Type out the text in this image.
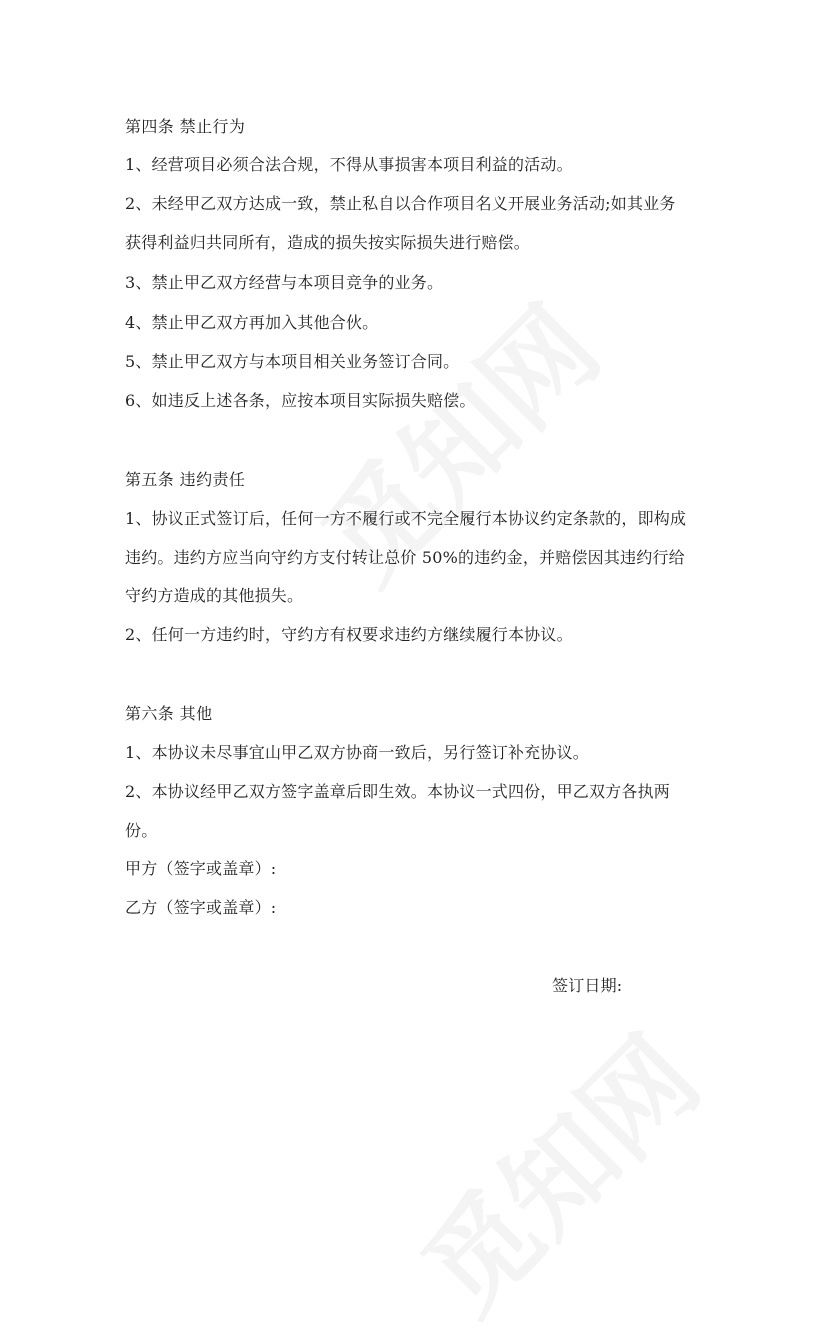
第四条 禁止行为
1、经营项目必须合法合规，不得从事损害本项目利益的活动。
2、未经甲乙双方达成一致，禁止私自以合作项目名义开展业务活动;如其业务
获得利益归共同所有，造成的损失按实际损失进行赔偿。
3、禁止甲乙双方经营与本项目竞争的业务。
4、禁止甲乙双方再加入其他合伙。
5、禁止甲乙双方与本项目相关业务签订合同。
6、如违反上述各条，应按本项目实际损失赔偿。
第五条 违约责任
1、协议正式签订后，任何一方不履行或不完全履行本协议约定条款的，即构成
违约。违约方应当向守约方支付转让总价 50%的违约金，并赔偿因其违约行给
守约方造成的其他损失。
2、任何一方违约时，守约方有权要求违约方继续履行本协议。
第六条 其他
1、本协议未尽事宜山甲乙双方协商一致后，另行签订补充协议。
2、本协议经甲乙双方签字盖章后即生效。本协议一式四份，甲乙双方各执两
份。
甲方（签字或盖章）:
乙方（签字或盖章）:
签订日期:
